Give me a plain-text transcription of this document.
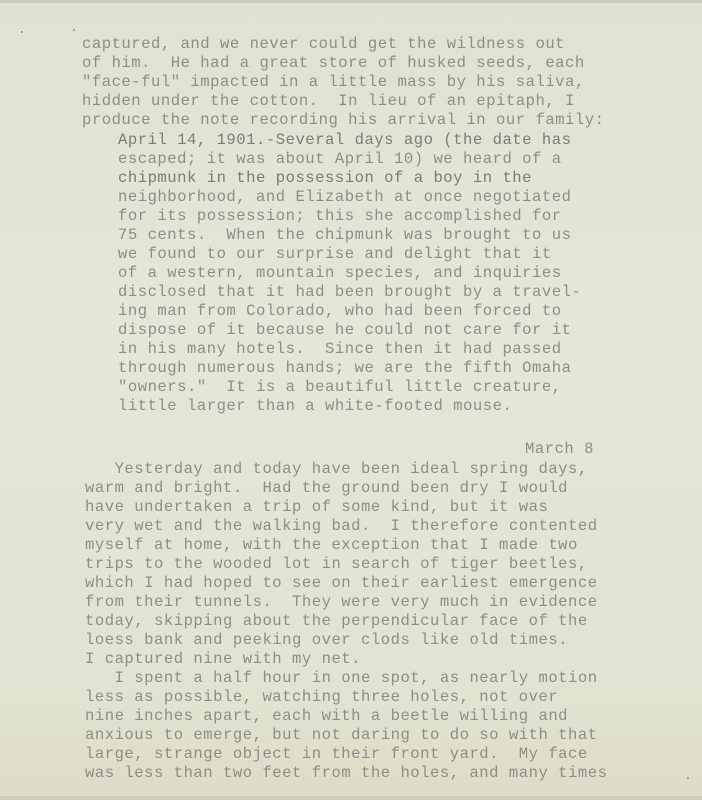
captured, and we never could get the wildness out
of him.  He had a great store of husked seeds, each
"face-ful" impacted in a little mass by his saliva,
hidden under the cotton.  In lieu of an epitaph, I
produce the note recording his arrival in our family:
April 14, 1901.-Several days ago (the date has
escaped; it was about April 10) we heard of a
chipmunk in the possession of a boy in the
neighborhood, and Elizabeth at once negotiated
for its possession; this she accomplished for
75 cents.  When the chipmunk was brought to us
we found to our surprise and delight that it
of a western, mountain species, and inquiries
disclosed that it had been brought by a travel-
ing man from Colorado, who had been forced to
dispose of it because he could not care for it
in his many hotels.  Since then it had passed
through numerous hands; we are the fifth Omaha
"owners."  It is a beautiful little creature,
little larger than a white-footed mouse.
March 8
Yesterday and today have been ideal spring days,
warm and bright.  Had the ground been dry I would
have undertaken a trip of some kind, but it was
very wet and the walking bad.  I therefore contented
myself at home, with the exception that I made two
trips to the wooded lot in search of tiger beetles,
which I had hoped to see on their earliest emergence
from their tunnels.  They were very much in evidence
today, skipping about the perpendicular face of the
loess bank and peeking over clods like old times.
I captured nine with my net.
I spent a half hour in one spot, as nearly motion
less as possible, watching three holes, not over
nine inches apart, each with a beetle willing and
anxious to emerge, but not daring to do so with that
large, strange object in their front yard.  My face
was less than two feet from the holes, and many times
